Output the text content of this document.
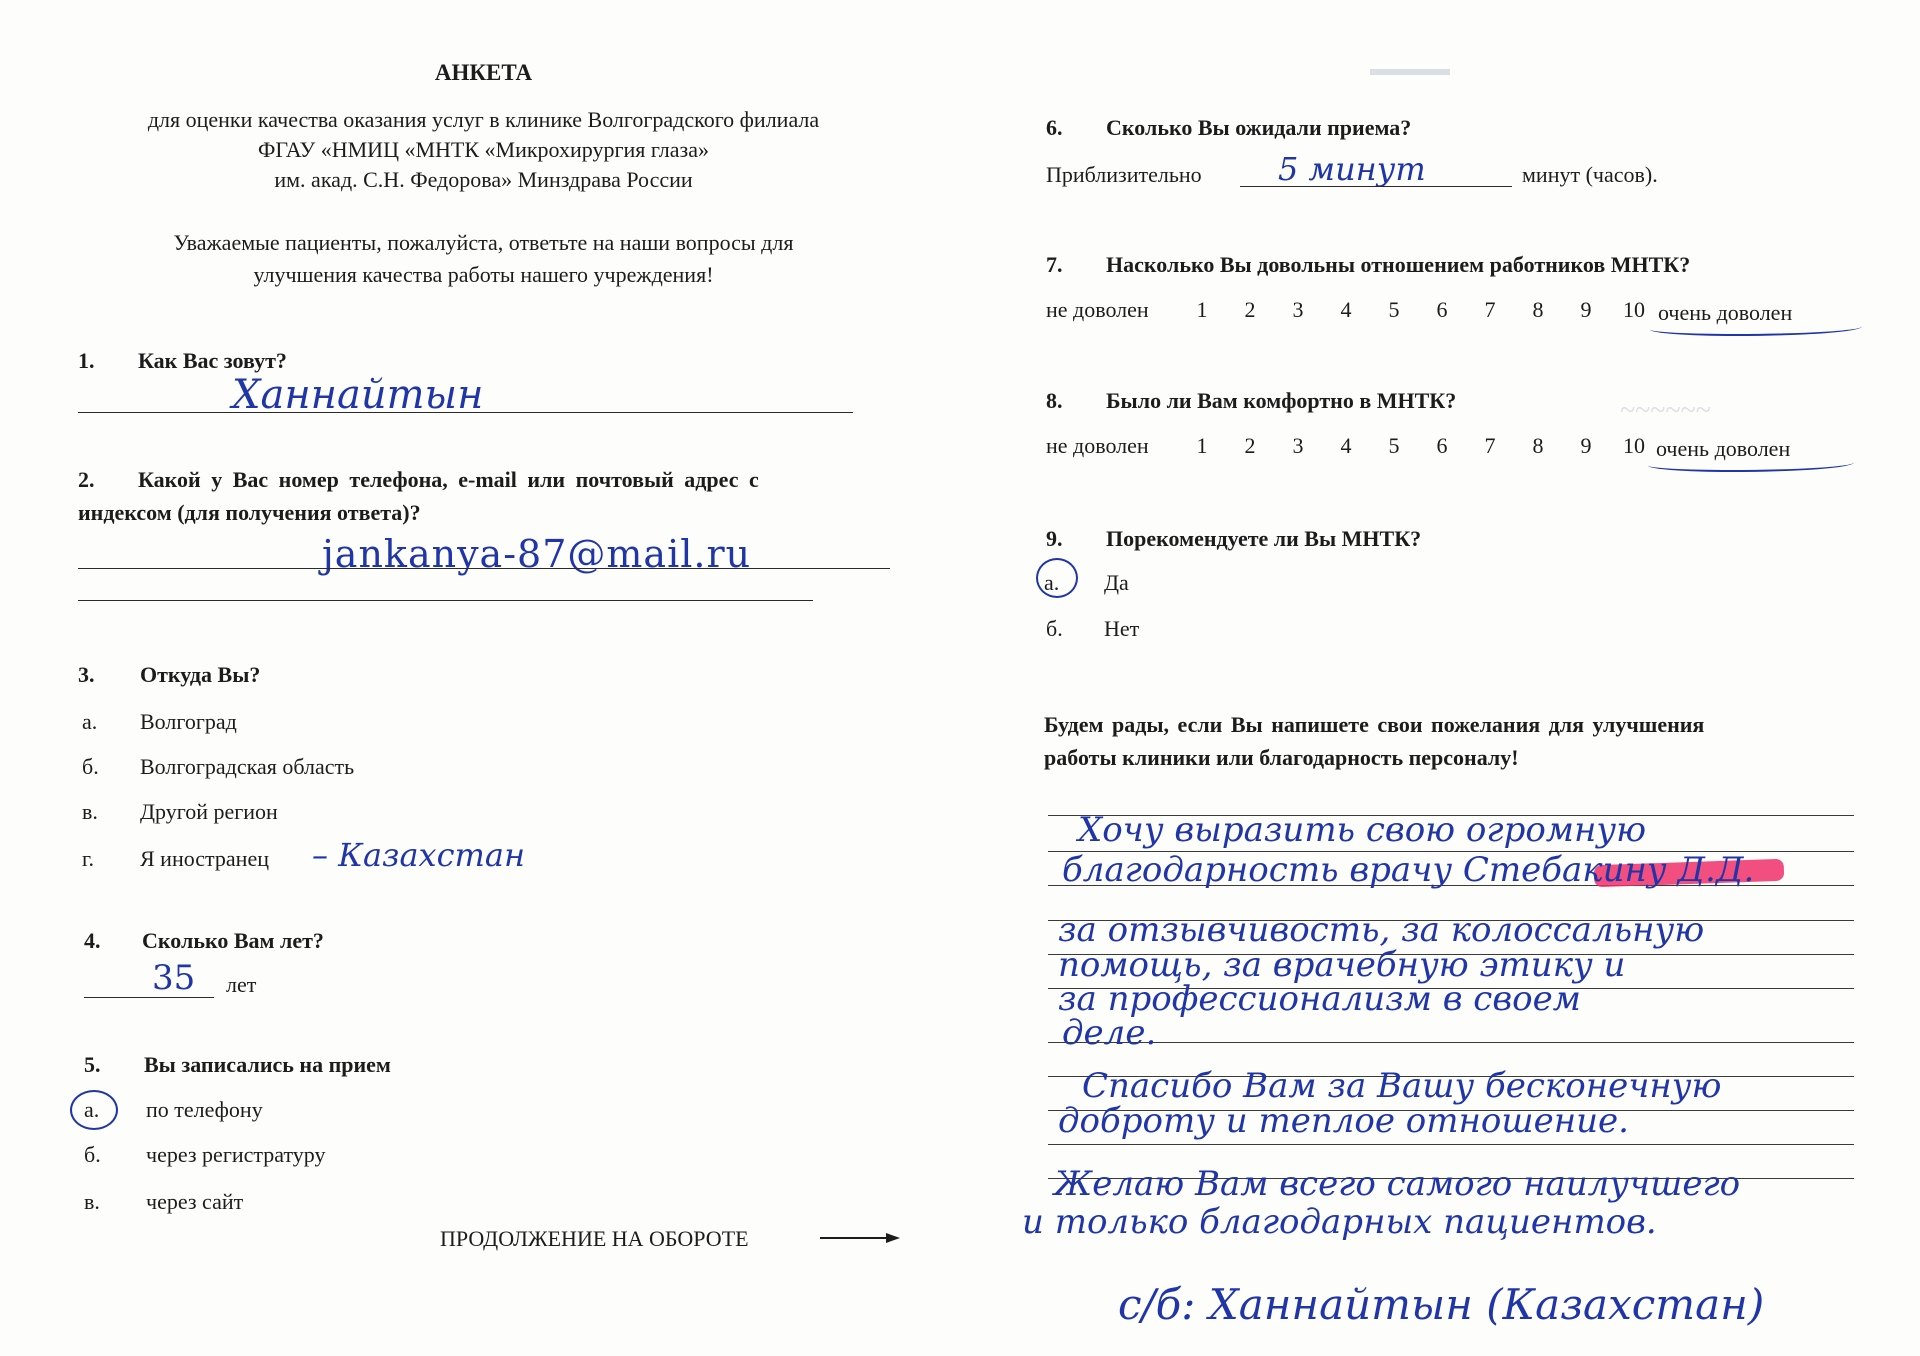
АНКЕТА
для оценки качества оказания услуг в клинике Волгоградского филиала
ФГАУ «НМИЦ «МНТК «Микрохирургия глаза»
им. акад. С.Н. Федорова» Минздрава России
Уважаемые пациенты, пожалуйста, ответьте на наши вопросы для
улучшения качества работы нашего учреждения!
1. Как Вас зовут?
Ханнайтын
2. Какой у Вас номер телефона, e-mail или почтовый адрес с
индексом (для получения ответа)?
jankanya-87@mail.ru
3. Откуда Вы?
а. Волгоград
б. Волгоградская область
в. Другой регион
г. Я иностранец – Казахстан
4. Сколько Вам лет?
35 лет
5. Вы записались на прием
а. по телефону
б. через регистратуру
в. через сайт
ПРОДОЛЖЕНИЕ НА ОБОРОТЕ
▬▬▬▬
~~~~~~
6. Сколько Вы ожидали приема?
Приблизительно 5 минут	минут (часов).
7. Насколько Вы довольны отношением работников МНТК?
не доволен	1 2 3 4 5 6 7 8 9 10 очень доволен
8. Было ли Вам комфортно в МНТК?
не доволен	1 2 3 4 5 6 7 8 9 10 очень доволен
9. Порекомендуете ли Вы МНТК?
а. Да
б. Нет
Будем рады, если Вы напишете свои пожелания для улучшения
работы клиники или благодарность персоналу!
Хочу выразить свою огромную
благодарность врачу Стебакину Д.Д.
за отзывчивость, за колоссальную
помощь, за врачебную этику и
за профессионализм в своем
деле.
Спасибо Вам за Вашу бесконечную
доброту и теплое отношение.
Желаю Вам всего самого наилучшего
и только благодарных пациентов.
с/б: Ханнайтын (Казахстан)
